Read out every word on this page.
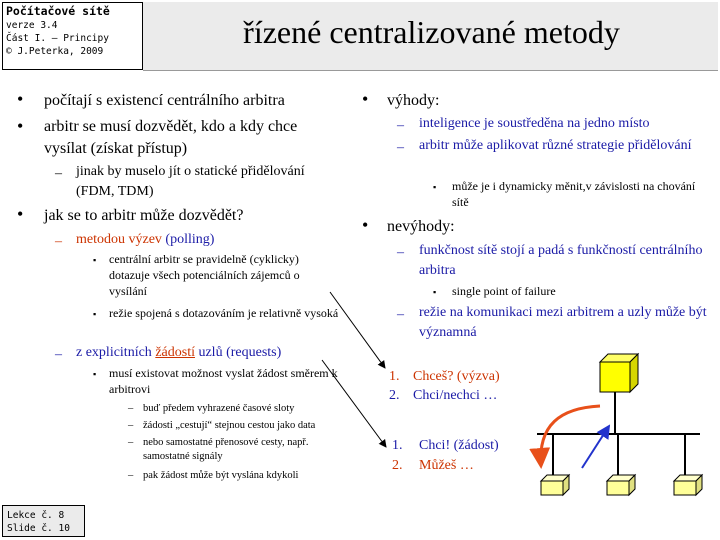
Počítačové sítě
verze 3.4
Část I. – Principy
© J.Peterka, 2009
řízené centralizované metody
• počítají s existencí centrálního arbitra
• arbitr se musí dozvědět, kdo a kdy chce vysílat (získat přístup)
– jinak by muselo jít o statické přidělování (FDM, TDM)
• jak se to arbitr může dozvědět?
– metodou výzev (polling)
▪ centrální arbitr se pravidelně (cyklicky) dotazuje všech potenciálních zájemců o vysílání
▪ režie spojená s dotazováním je relativně vysoká
– z explicitních žádostí uzlů (requests)
▪ musí existovat možnost vyslat žádost směrem k arbitrovi
– buď předem vyhrazené časové sloty
– žádosti „cestují“ stejnou cestou jako data
– nebo samostatné přenosové cesty, např. samostatné signály
– pak žádost může být vyslána kdykoli
• výhody:
– inteligence je soustředěna na jedno místo
– arbitr může aplikovat různé strategie přidělování
▪ může je i dynamicky měnit,v závislosti na chování sítě
• nevýhody:
– funkčnost sítě stojí a padá s funkčností centrálního arbitra
▪ single point of failure
– režie na komunikaci mezi arbitrem a uzly může být významná
1. Chceš? (výzva)
2. Chci/nechci …
1. Chci! (žádost)
2. Můžeš …
Lekce č. 8
Slide č. 10
